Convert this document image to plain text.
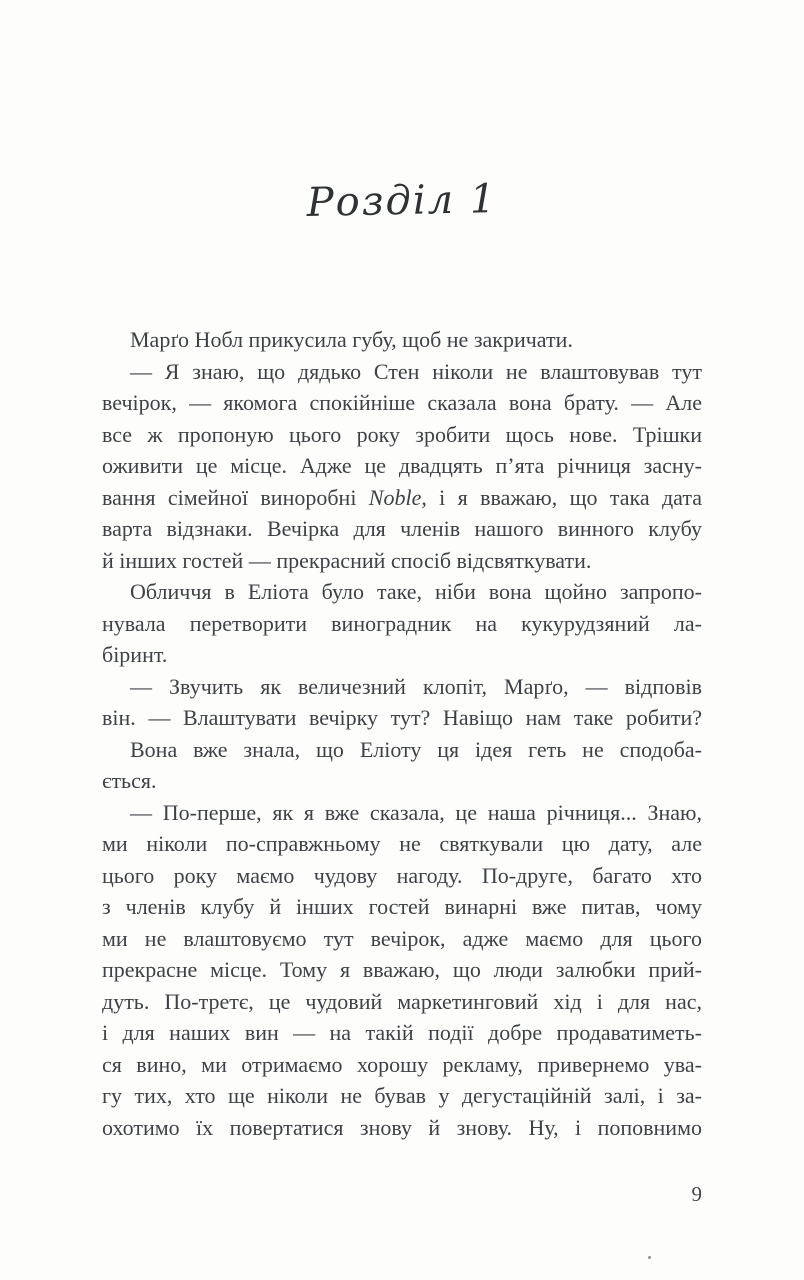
Розділ 1
Марґо Нобл прикусила губу, щоб не закричати.
— Я знаю, що дядько Стен ніколи не влаштовував тут
вечірок, — якомога спокійніше сказала вона брату. — Але
все ж пропоную цього року зробити щось нове. Трішки
оживити це місце. Адже це двадцять п’ята річниця засну-
вання сімейної виноробні Noble, і я вважаю, що така дата
варта відзнаки. Вечірка для членів нашого винного клубу
й інших гостей — прекрасний спосіб відсвяткувати.
Обличчя в Еліота було таке, ніби вона щойно запропо-
нувала перетворити виноградник на кукурудзяний ла-
біринт.
— Звучить як величезний клопіт, Марґо, — відповів
він. — Влаштувати вечірку тут? Навіщо нам таке робити?
Вона вже знала, що Еліоту ця ідея геть не сподоба-
ється.
— По-перше, як я вже сказала, це наша річниця... Знаю,
ми ніколи по-справжньому не святкували цю дату, але
цього року маємо чудову нагоду. По-друге, багато хто
з членів клубу й інших гостей винарні вже питав, чому
ми не влаштовуємо тут вечірок, адже маємо для цього
прекрасне місце. Тому я вважаю, що люди залюбки прий-
дуть. По-третє, це чудовий маркетинговий хід і для нас,
і для наших вин — на такій події добре продаватиметь-
ся вино, ми отримаємо хорошу рекламу, привернемо ува-
гу тих, хто ще ніколи не бував у дегустаційній залі, і за-
охотимо їх повертатися знову й знову. Ну, і поповнимо
9
